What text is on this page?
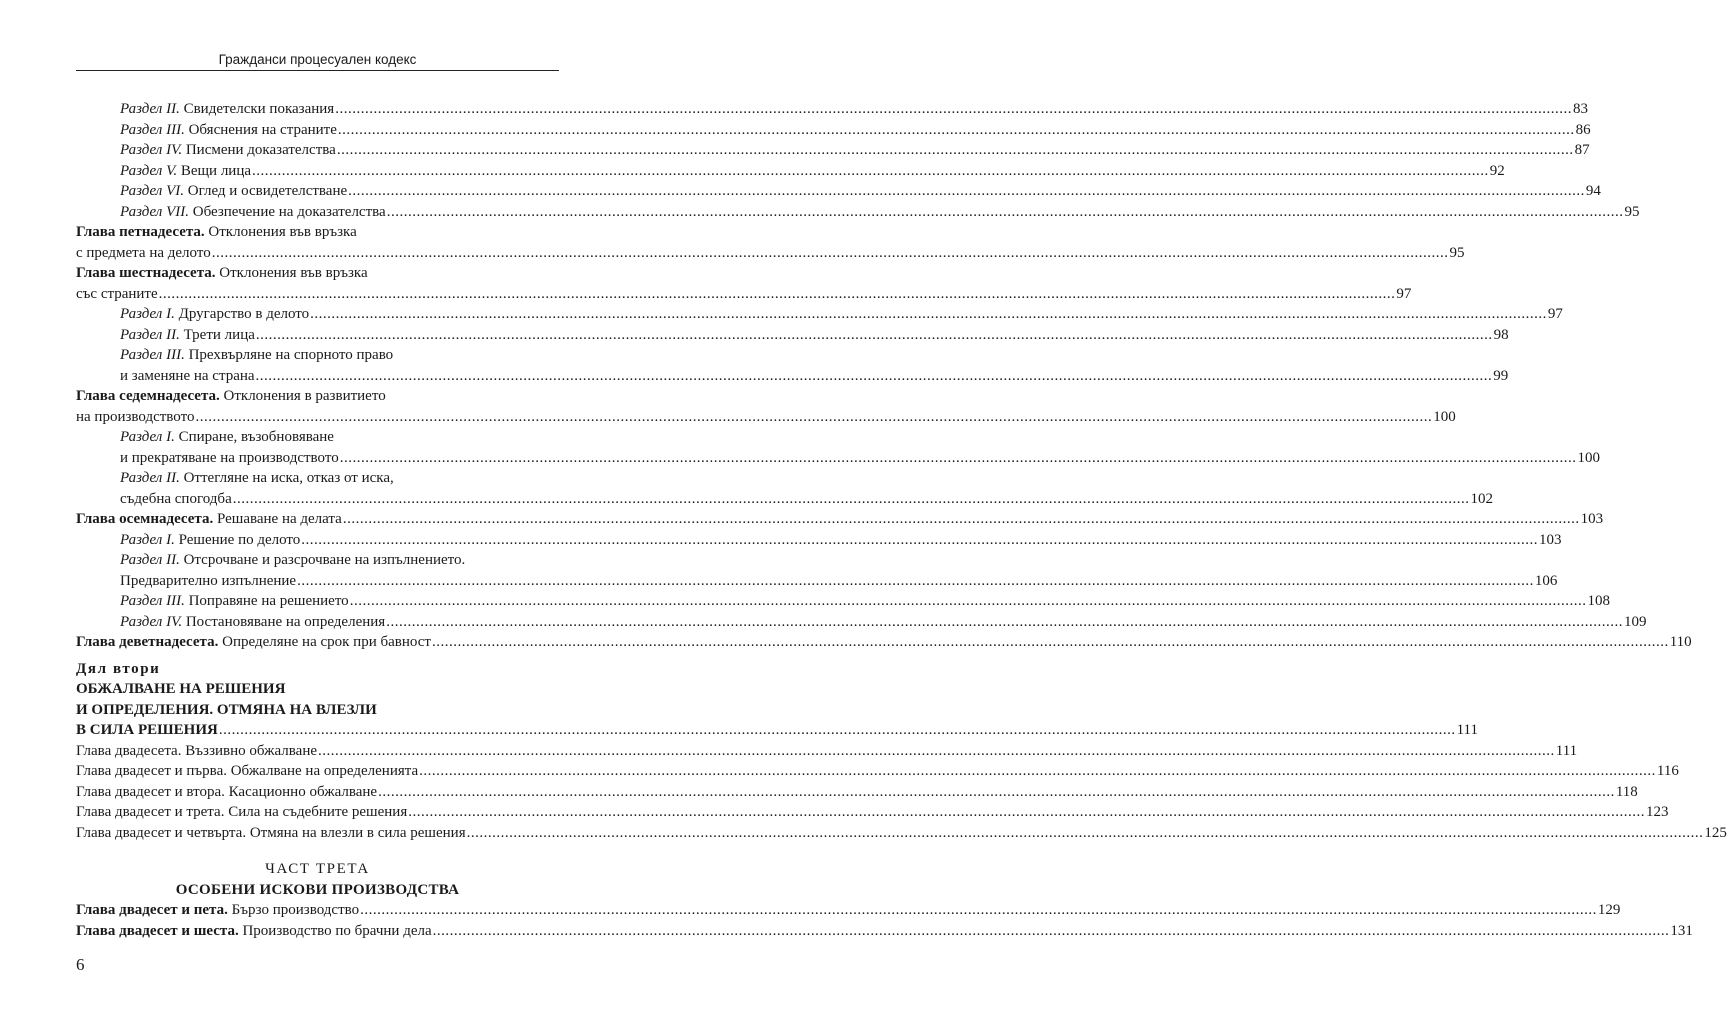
Гражданси процесуален кодекс
Раздел II. Свидетелски показания .....	83
Раздел III. Обяснения на страните .....	86
Раздел IV. Писмени доказателства .....	87
Раздел V. Вещи лица .....	92
Раздел VI. Оглед и освидетелстване .....	94
Раздел VII. Обезпечение на доказателства .....	95
Глава петнадесета. Отклонения във връзка
с предмета на делото .....	95
Глава шестнадесета. Отклонения във връзка
със страните .....	97
Раздел I. Другарство в делото .....	97
Раздел II. Трети лица .....	98
Раздел III. Прехвърляне на спорното право
и заменяне на страна .....	99
Глава седемнадесета. Отклонения в развитието
на производството .....	100
Раздел I. Спиране, възобновяване
и прекратяване на производството .....	100
Раздел II. Оттегляне на иска, отказ от иска,
съдебна спогодба .....	102
Глава осемнадесета. Решаване на делата .....	103
Раздел I. Решение по делото .....	103
Раздел II. Отсрочване и разсрочване на изпълнението.
Предварително изпълнение .....	106
Раздел III. Поправяне на решението .....	108
Раздел IV. Постановяване на определения .....	109
Глава деветнадесета. Определяне на срок при бавност .....	110
Дял втори
ОБЖАЛВАНЕ НА РЕШЕНИЯ
И ОПРЕДЕЛЕНИЯ. ОТМЯНА НА ВЛЕЗЛИ
В СИЛА РЕШЕНИЯ .....	111
Глава двадесета. Въззивно обжалване .....	111
Глава двадесет и първа. Обжалване на определенията .....	116
Глава двадесет и втора. Касационно обжалване .....	118
Глава двадесет и трета. Сила на съдебните решения .....	123
Глава двадесет и четвърта. Отмяна на влезли в сила решения .....	125
ЧАСТ ТРЕТА
ОСОБЕНИ ИСКОВИ ПРОИЗВОДСТВА
Глава двадесет и пета. Бързо производство .....	129
Глава двадесет и шеста. Производство по брачни дела .....	131
6
